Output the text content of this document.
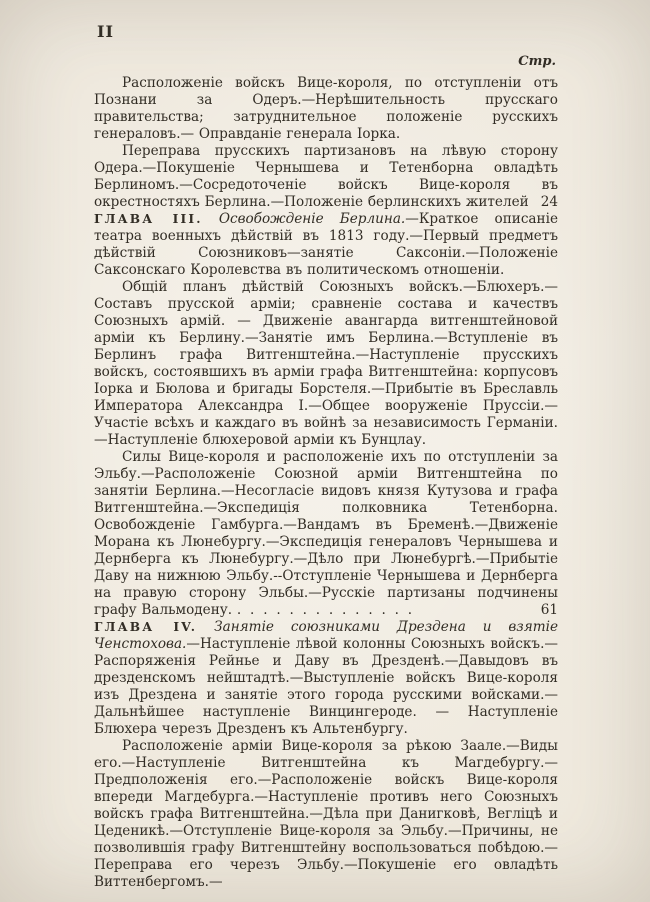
II
Стр.

Расположеніе войскъ Вице-короля, по отступленіи отъ Познани за Одеръ.—Нерѣшительность прусскаго правительства; затруднительное положеніе русскихъ генераловъ.— Оправданіе генерала Іорка.

Переправа прусскихъ партизановъ на лѣвую сторону Одера.—Покушеніе Чернышева и Тетенборна овладѣть Берлиномъ.—Сосредоточеніе войскъ Вице-короля въ окрестностяхъ Берлина.—Положеніе берлинскихъ жителей 24

ГЛАВА III. Освобожденіе Берлина.—Краткое описаніе театра военныхъ дѣйствій въ 1813 году.—Первый предметъ дѣйствій Союзниковъ—занятіе Саксоніи.—Положеніе Саксонскаго Королевства въ политическомъ отношеніи.

Общій планъ дѣйствій Союзныхъ войскъ.—Блюхеръ.—Составъ прусской арміи; сравненіе состава и качествъ Союзныхъ армій. — Движеніе авангарда витгенштейновой арміи къ Берлину.—Занятіе имъ Берлина.—Вступленіе въ Берлинъ графа Витгенштейна.—Наступленіе прусскихъ войскъ, состоявшихъ въ арміи графа Витгенштейна: корпусовъ Іорка и Бюлова и бригады Борстеля.—Прибытіе въ Бреславль Императора Александра I.—Общее вооруженіе Пруссіи.—Участіе всѣхъ и каждаго въ войнѣ за независимость Германіи.—Наступленіе блюхеровой арміи къ Бунцлау.

Силы Вице-короля и расположеніе ихъ по отступленіи за Эльбу.—Расположеніе Союзной арміи Витгенштейна по занятіи Берлина.—Несогласіе видовъ князя Кутузова и графа Витгенштейна.—Экспедиція полковника Тетенборна. Освобожденіе Гамбурга.—Вандамъ въ Бременѣ.—Движеніе Морана къ Люнебургу.—Экспедиція генераловъ Чернышева и Дернберга къ Люнебургу.—Дѣло при Люнебургѣ.—Прибытіе Даву на нижнюю Эльбу.--Отступленіе Чернышева и Дернберга на правую сторону Эльбы.—Русскіе партизаны подчинены графу Вальмодену. . . . . . . . . . . . . . .	61

ГЛАВА IV. Занятіе союзниками Дрездена и взятіе Ченстохова.—Наступленіе лѣвой колонны Союзныхъ войскъ.—Распоряженія Рейнье и Даву въ Дрезденѣ.—Давыдовъ въ дрезденскомъ нейштадтѣ.—Выступленіе войскъ Вице-короля изъ Дрездена и занятіе этого города русскими войсками.—Дальнѣйшее наступленіе Винцингероде. — Наступленіе Блюхера черезъ Дрезденъ къ Альтенбургу.

Расположеніе арміи Вице-короля за рѣкою Заале.—Виды его.—Наступленіе Витгенштейна къ Магдебургу.—Предположенія его.—Расположеніе войскъ Вице-короля впереди Магдебурга.—Наступленіе противъ него Союзныхъ войскъ графа Витгенштейна.—Дѣла при Данигковѣ, Вегліцѣ и Цеденикѣ.—Отступленіе Вице-короля за Эльбу.—Причины, не позволившія графу Витгенштейну воспользоваться побѣдою.—Переправа его черезъ Эльбу.—Покушеніе его овладѣть Виттенбергомъ.—
